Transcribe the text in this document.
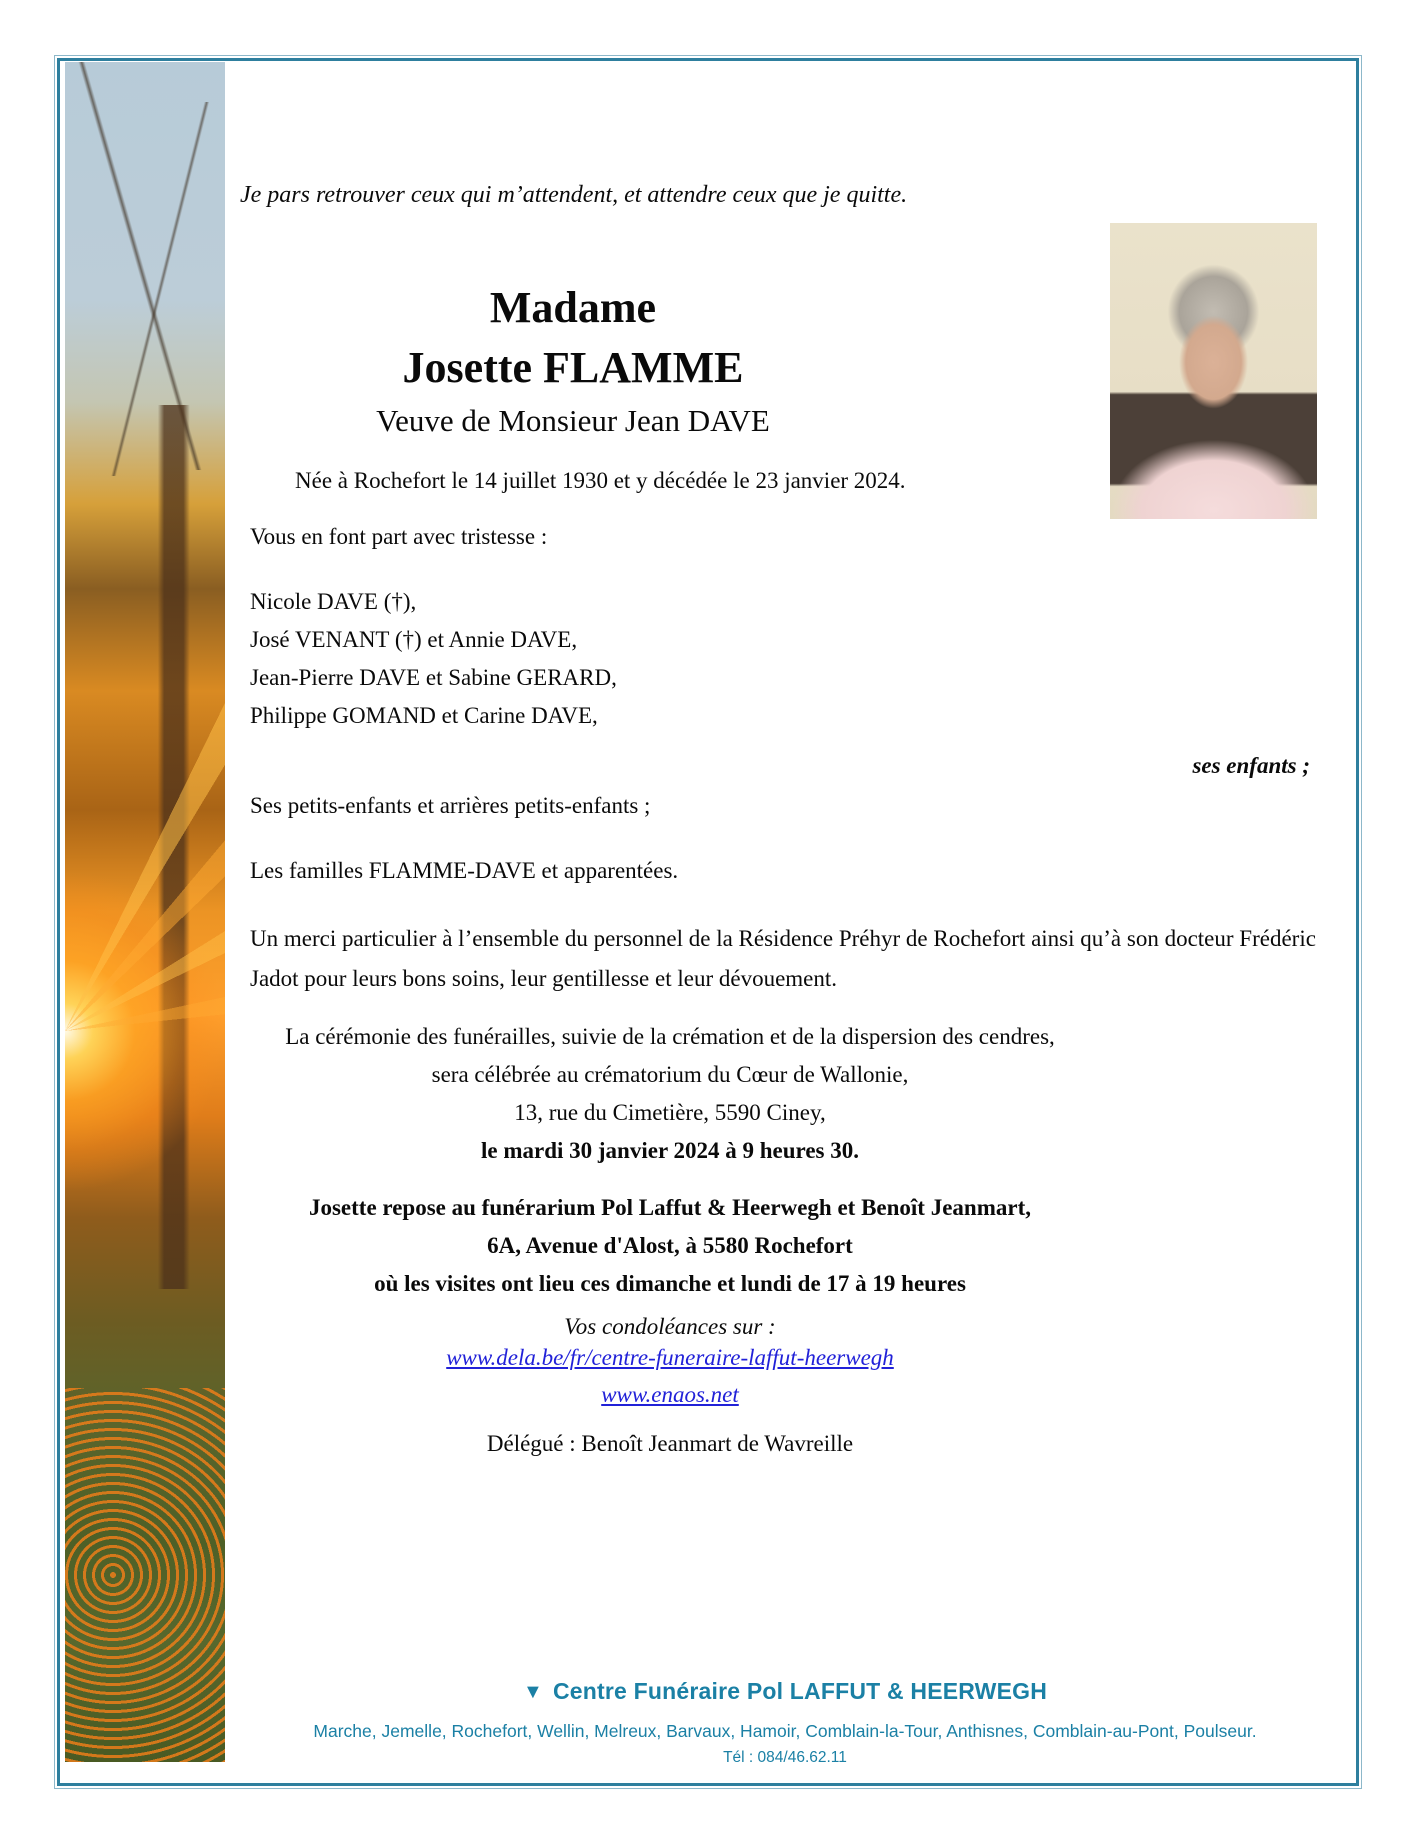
Je pars retrouver ceux qui m’attendent, et attendre ceux que je quitte.
Madame
Josette FLAMME
Veuve de Monsieur Jean DAVE
Née à Rochefort le 14 juillet 1930 et y décédée le 23 janvier 2024.
Vous en font part avec tristesse :
Nicole DAVE (†),
José VENANT (†) et Annie DAVE,
Jean-Pierre DAVE et Sabine GERARD,
Philippe GOMAND et Carine DAVE,
ses enfants ;
Ses petits-enfants et arrières petits-enfants ;
Les familles FLAMME-DAVE et apparentées.
Un merci particulier à l’ensemble du personnel de la Résidence Préhyr de Rochefort ainsi qu’à son docteur Frédéric Jadot pour leurs bons soins, leur gentillesse et leur dévouement.
La cérémonie des funérailles, suivie de la crémation et de la dispersion des cendres,
sera célébrée au crématorium du Cœur de Wallonie,
13, rue du Cimetière, 5590 Ciney,
le mardi 30 janvier 2024 à 9 heures 30.
Josette repose au funérarium Pol Laffut & Heerwegh et Benoît Jeanmart,
6A, Avenue d'Alost, à 5580 Rochefort
où les visites ont lieu ces dimanche et lundi de 17 à 19 heures
Vos condoléances sur :
www.dela.be/fr/centre-funeraire-laffut-heerwegh
www.enaos.net
Délégué : Benoît Jeanmart de Wavreille
▼ Centre Funéraire Pol LAFFUT & HEERWEGH
Marche, Jemelle, Rochefort, Wellin, Melreux, Barvaux, Hamoir, Comblain-la-Tour, Anthisnes, Comblain-au-Pont, Poulseur.
Tél : 084/46.62.11
